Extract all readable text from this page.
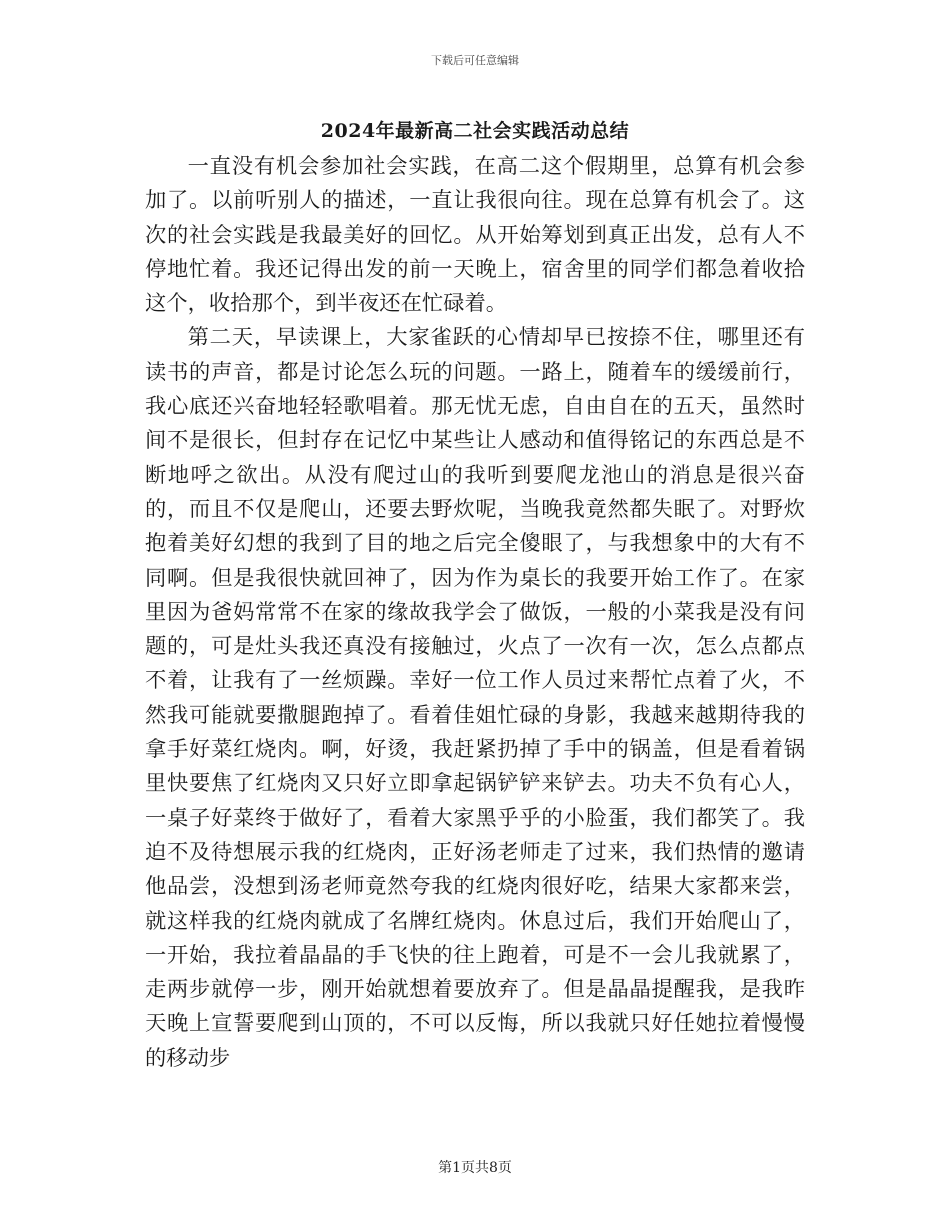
下载后可任意编辑
2024年最新高二社会实践活动总结

一直没有机会参加社会实践，在高二这个假期里，总算有机会参加了。以前听别人的描述，一直让我很向往。现在总算有机会了。这次的社会实践是我最美好的回忆。从开始筹划到真正出发，总有人不停地忙着。我还记得出发的前一天晚上，宿舍里的同学们都急着收拾这个，收拾那个，到半夜还在忙碌着。

第二天，早读课上，大家雀跃的心情却早已按捺不住，哪里还有读书的声音，都是讨论怎么玩的问题。一路上，随着车的缓缓前行，我心底还兴奋地轻轻歌唱着。那无忧无虑，自由自在的五天，虽然时间不是很长，但封存在记忆中某些让人感动和值得铭记的东西总是不断地呼之欲出。从没有爬过山的我听到要爬龙池山的消息是很兴奋的，而且不仅是爬山，还要去野炊呢，当晚我竟然都失眠了。对野炊抱着美好幻想的我到了目的地之后完全傻眼了，与我想象中的大有不同啊。但是我很快就回神了，因为作为桌长的我要开始工作了。在家里因为爸妈常常不在家的缘故我学会了做饭，一般的小菜我是没有问题的，可是灶头我还真没有接触过，火点了一次有一次，怎么点都点不着，让我有了一丝烦躁。幸好一位工作人员过来帮忙点着了火，不然我可能就要撒腿跑掉了。看着佳姐忙碌的身影，我越来越期待我的拿手好菜红烧肉。啊，好烫，我赶紧扔掉了手中的锅盖，但是看着锅里快要焦了红烧肉又只好立即拿起锅铲铲来铲去。功夫不负有心人，一桌子好菜终于做好了，看着大家黑乎乎的小脸蛋，我们都笑了。我迫不及待想展示我的红烧肉，正好汤老师走了过来，我们热情的邀请他品尝，没想到汤老师竟然夸我的红烧肉很好吃，结果大家都来尝，就这样我的红烧肉就成了名牌红烧肉。休息过后，我们开始爬山了，一开始，我拉着晶晶的手飞快的往上跑着，可是不一会儿我就累了，走两步就停一步，刚开始就想着要放弃了。但是晶晶提醒我，是我昨天晚上宣誓要爬到山顶的，不可以反悔，所以我就只好任她拉着慢慢的移动步

第1页共8页
